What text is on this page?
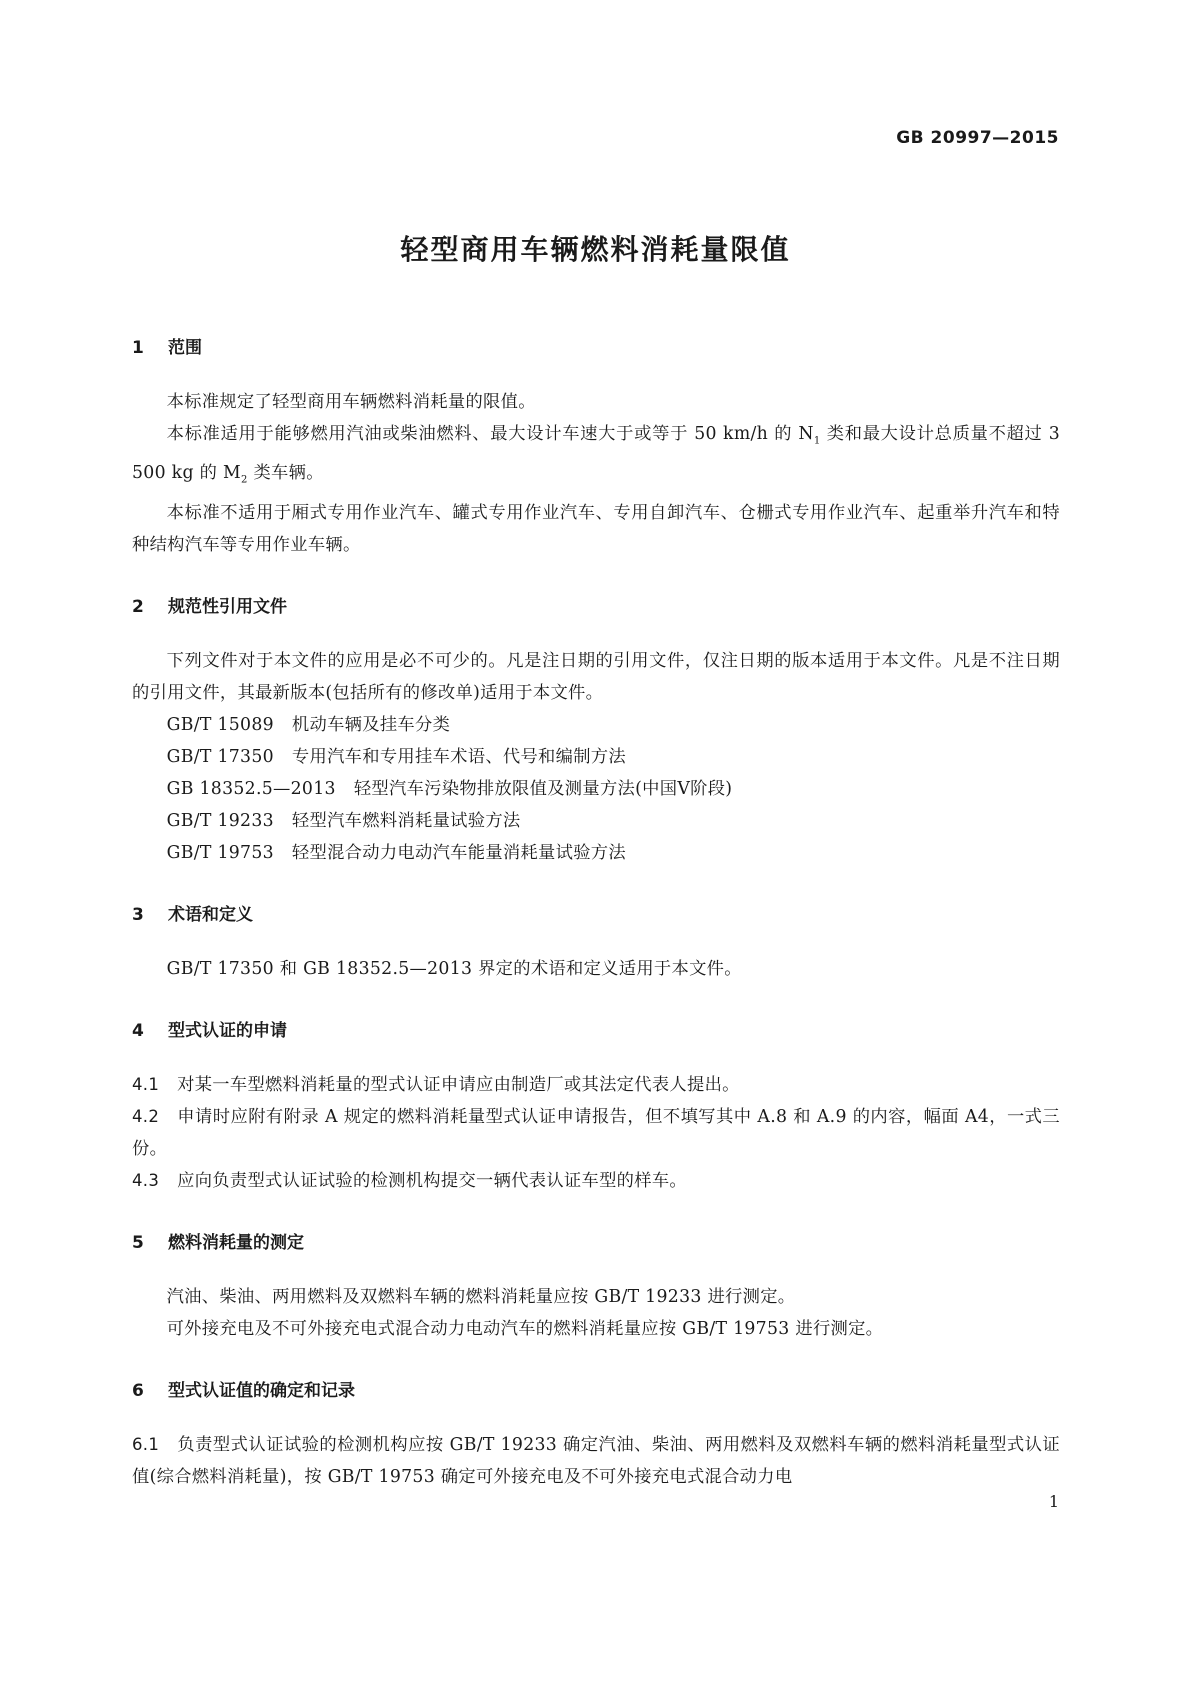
GB 20997—2015
轻型商用车辆燃料消耗量限值
1 范围

本标准规定了轻型商用车辆燃料消耗量的限值。

本标准适用于能够燃用汽油或柴油燃料、最大设计车速大于或等于 50 km/h 的 $N_1$ 类和最大设计总质量不超过 3 500 kg 的 $M_2$ 类车辆。

本标准不适用于厢式专用作业汽车、罐式专用作业汽车、专用自卸汽车、仓栅式专用作业汽车、起重举升汽车和特种结构汽车等专用作业车辆。

2 规范性引用文件

下列文件对于本文件的应用是必不可少的。凡是注日期的引用文件，仅注日期的版本适用于本文件。凡是不注日期的引用文件，其最新版本(包括所有的修改单)适用于本文件。

GB/T 15089 机动车辆及挂车分类

GB/T 17350 专用汽车和专用挂车术语、代号和编制方法

GB 18352.5—2013 轻型汽车污染物排放限值及测量方法(中国Ⅴ阶段)

GB/T 19233 轻型汽车燃料消耗量试验方法

GB/T 19753 轻型混合动力电动汽车能量消耗量试验方法

3 术语和定义

GB/T 17350 和 GB 18352.5—2013 界定的术语和定义适用于本文件。

4 型式认证的申请

4.1 对某一车型燃料消耗量的型式认证申请应由制造厂或其法定代表人提出。

4.2 申请时应附有附录 A 规定的燃料消耗量型式认证申请报告，但不填写其中 A.8 和 A.9 的内容，幅面 A4，一式三份。

4.3 应向负责型式认证试验的检测机构提交一辆代表认证车型的样车。

5 燃料消耗量的测定

汽油、柴油、两用燃料及双燃料车辆的燃料消耗量应按 GB/T 19233 进行测定。

可外接充电及不可外接充电式混合动力电动汽车的燃料消耗量应按 GB/T 19753 进行测定。

6 型式认证值的确定和记录

6.1 负责型式认证试验的检测机构应按 GB/T 19233 确定汽油、柴油、两用燃料及双燃料车辆的燃料消耗量型式认证值(综合燃料消耗量)，按 GB/T 19753 确定可外接充电及不可外接充电式混合动力电

1
